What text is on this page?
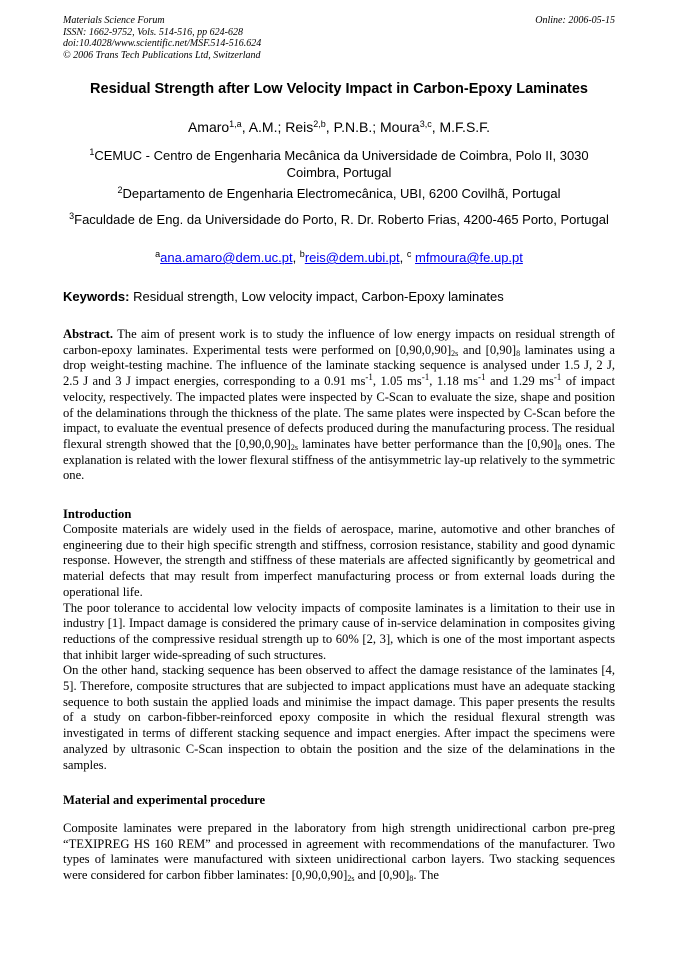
Materials Science Forum
ISSN: 1662-9752, Vols. 514-516, pp 624-628
doi:10.4028/www.scientific.net/MSF.514-516.624
© 2006 Trans Tech Publications Ltd, Switzerland
Online: 2006-05-15
Residual Strength after Low Velocity Impact in Carbon-Epoxy Laminates
Amaro$^{1,a}$, A.M.; Reis$^{2,b}$, P.N.B.; Moura$^{3,c}$, M.F.S.F.
$^1$CEMUC - Centro de Engenharia Mecânica da Universidade de Coimbra, Polo II, 3030 Coimbra, Portugal
$^2$Departamento de Engenharia Electromecânica, UBI, 6200 Covilhã, Portugal
$^3$Faculdade de Eng. da Universidade do Porto, R. Dr. Roberto Frias, 4200-465 Porto, Portugal
$^a$ana.amaro@dem.uc.pt, $^b$reis@dem.ubi.pt, $^c$ mfmoura@fe.up.pt
Keywords: Residual strength, Low velocity impact, Carbon-Epoxy laminates

Abstract. The aim of present work is to study the influence of low energy impacts on residual strength of carbon-epoxy laminates. Experimental tests were performed on $[0,90,0,90]_{2s}$ and $[0,90]_8$ laminates using a drop weight-testing machine. The influence of the laminate stacking sequence is analysed under 1.5 J, 2 J, 2.5 J and 3 J impact energies, corresponding to a 0.91 $ms^{-1}$, 1.05 $ms^{-1}$, 1.18 $ms^{-1}$ and 1.29 $ms^{-1}$ of impact velocity, respectively. The impacted plates were inspected by C-Scan to evaluate the size, shape and position of the delaminations through the thickness of the plate. The same plates were inspected by C-Scan before the impact, to evaluate the eventual presence of defects produced during the manufacturing process. The residual flexural strength showed that the $[0,90,0,90]_{2s}$ laminates have better performance than the $[0,90]_8$ ones. The explanation is related with the lower flexural stiffness of the antisymmetric lay-up relatively to the symmetric one.

Introduction

Composite materials are widely used in the fields of aerospace, marine, automotive and other branches of engineering due to their high specific strength and stiffness, corrosion resistance, stability and good dynamic response. However, the strength and stiffness of these materials are affected significantly by geometrical and material defects that may result from imperfect manufacturing process or from external loads during the operational life.

The poor tolerance to accidental low velocity impacts of composite laminates is a limitation to their use in industry [1]. Impact damage is considered the primary cause of in-service delamination in composites giving reductions of the compressive residual strength up to 60% [2, 3], which is one of the most important aspects that inhibit larger wide-spreading of such structures.

On the other hand, stacking sequence has been observed to affect the damage resistance of the laminates [4, 5]. Therefore, composite structures that are subjected to impact applications must have an adequate stacking sequence to both sustain the applied loads and minimise the impact damage. This paper presents the results of a study on carbon-fibber-reinforced epoxy composite in which the residual flexural strength was investigated in terms of different stacking sequence and impact energies. After impact the specimens were analyzed by ultrasonic C-Scan inspection to obtain the position and the size of the delaminations in the samples.

Material and experimental procedure

Composite laminates were prepared in the laboratory from high strength unidirectional carbon pre-preg “TEXIPREG HS 160 REM” and processed in agreement with recommendations of the manufacturer. Two types of laminates were manufactured with sixteen unidirectional carbon layers. Two stacking sequences were considered for carbon fibber laminates: $[0,90,0,90]_{2s}$ and $[0,90]_8$. The
